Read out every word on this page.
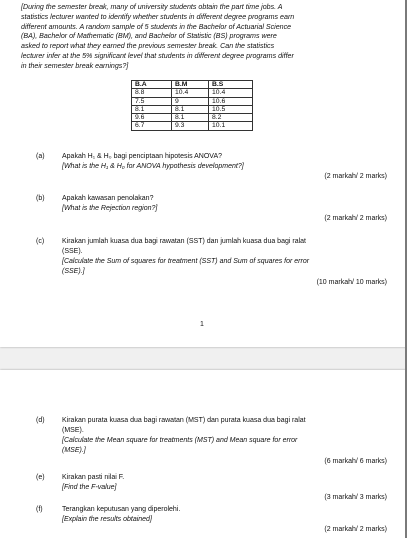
[During the semester break, many of university students obtain the part time jobs. A

statistics lecturer wanted to identify whether students in different degree programs earn

different amounts. A random sample of 5 students in the Bachelor of Actuarial Science

(BA), Bachelor of Mathematic (BM), and Bachelor of Statistic (BS) programs were

asked to report what they earned the previous semester break. Can the statistics

lecturer infer at the 5% significant level that students in different degree programs differ

in their semester break earnings?]

B.A	B.M	B.S
8.8	10.4	10.4
7.5	9	10.6
8.1	8.1	10.5
9.6	8.1	8.2
6.7	9.3	10.1
(a)	Apakah H₁ & H₀ bagi penciptaan hipotesis ANOVA?
[What is the H₁ & H₀ for ANOVA hypothesis development?]
(2 markah/ 2 marks)
(b)	Apakah kawasan penolakan?
[What is the Rejection region?]
(2 markah/ 2 marks)
(c)	Kirakan jumlah kuasa dua bagi rawatan (SST) dan jumlah kuasa dua bagi ralat
(SSE).
[Calculate the Sum of squares for treatment (SST) and Sum of squares for error
(SSE).]
(10 markah/ 10 marks)
1
(d)	Kirakan purata kuasa dua bagi rawatan (MST) dan purata kuasa dua bagi ralat
(MSE).
[Calculate the Mean square for treatments (MST) and Mean square for error
(MSE).]
(6 markah/ 6 marks)
(e)	Kirakan pasti nilai F.
[Find the F-value]
(3 markah/ 3 marks)
(f)	Terangkan keputusan yang diperolehi.
[Explain the results obtained]
(2 markah/ 2 marks)
